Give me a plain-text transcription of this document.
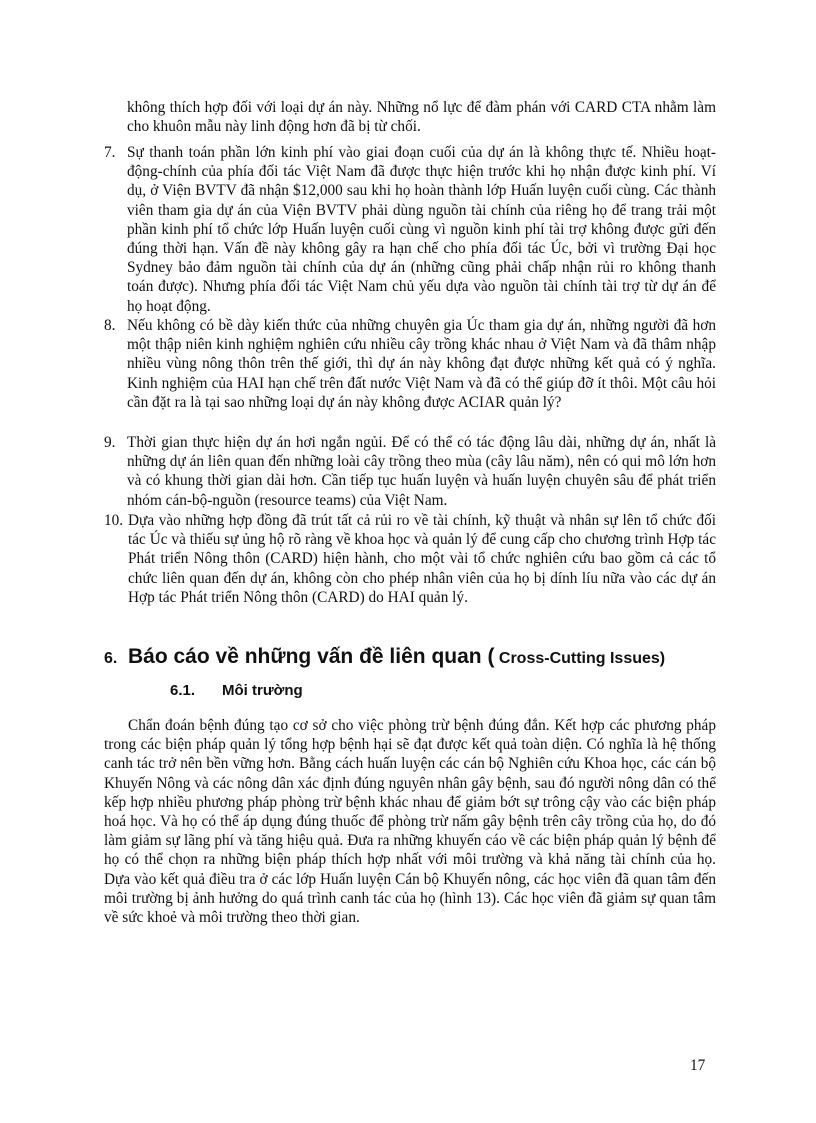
không thích hợp đối với loại dự án này. Những nổ lực để đàm phán với CARD CTA nhằm làm cho khuôn mẫu này linh động hơn đã bị từ chối.

7. Sự thanh toán phần lớn kinh phí vào giai đoạn cuối của dự án là không thực tế. Nhiều hoạt-động-chính của phía đối tác Việt Nam đã được thực hiện trước khi họ nhận được kinh phí. Ví dụ, ở Viện BVTV đã nhận $12,000 sau khi họ hoàn thành lớp Huấn luyện cuối cùng. Các thành viên tham gia dự án của Viện BVTV phải dùng nguồn tài chính của riêng họ để trang trải một phần kinh phí tổ chức lớp Huấn luyện cuối cùng vì nguồn kinh phí tài trợ không được gửi đến đúng thời hạn. Vấn đề này không gây ra hạn chế cho phía đối tác Úc, bởi vì trường Đại học Sydney bảo đảm nguồn tài chính của dự án (những cũng phải chấp nhận rủi ro không thanh toán được). Nhưng phía đối tác Việt Nam chủ yếu dựa vào nguồn tài chính tài trợ từ dự án để họ hoạt động.

8. Nếu không có bề dày kiến thức của những chuyên gia Úc tham gia dự án, những người đã hơn một thập niên kinh nghiệm nghiên cứu nhiều cây trồng khác nhau ở Việt Nam và đã thâm nhập nhiều vùng nông thôn trên thế giới, thì dự án này không đạt được những kết quả có ý nghĩa. Kinh nghiệm của HAI hạn chế trên đất nước Việt Nam và đã có thể giúp đỡ ít thôi. Một câu hỏi cần đặt ra là tại sao những loại dự án này không được ACIAR quản lý?

9. Thời gian thực hiện dự án hơi ngắn ngủi. Để có thể có tác động lâu dài, những dự án, nhất là những dự án liên quan đến những loài cây trồng theo mùa (cây lâu năm), nên có qui mô lớn hơn và có khung thời gian dài hơn. Cần tiếp tục huấn luyện và huấn luyện chuyên sâu để phát triển nhóm cán-bộ-nguồn (resource teams) của Việt Nam.

10. Dựa vào những hợp đồng đã trút tất cả rủi ro về tài chính, kỹ thuật và nhân sự lên tổ chức đối tác Úc và thiếu sự ủng hộ rõ ràng về khoa học và quản lý để cung cấp cho chương trình Hợp tác Phát triển Nông thôn (CARD) hiện hành, cho một vài tổ chức nghiên cứu bao gồm cả các tổ chức liên quan đến dự án, không còn cho phép nhân viên của họ bị dính líu nữa vào các dự án Hợp tác Phát triển Nông thôn (CARD) do HAI quản lý.

6. Báo cáo về những vấn đề liên quan ( Cross-Cutting Issues)
6.1. Môi trường

Chẩn đoán bệnh đúng tạo cơ sở cho việc phòng trừ bệnh đúng đắn. Kết hợp các phương pháp trong các biện pháp quản lý tổng hợp bệnh hại sẽ đạt được kết quả toàn diện. Có nghĩa là hệ thống canh tác trở nên bền vững hơn. Bằng cách huấn luyện các cán bộ Nghiên cứu Khoa học, các cán bộ Khuyến Nông và các nông dân xác định đúng nguyên nhân gây bệnh, sau đó người nông dân có thể kếp hợp nhiều phương pháp phòng trừ bệnh khác nhau để giảm bớt sự trông cậy vào các biện pháp hoá học. Và họ có thể áp dụng đúng thuốc để phòng trừ nấm gây bệnh trên cây trồng của họ, do đó làm giảm sự lãng phí và tăng hiệu quả. Đưa ra những khuyến cáo về các biện pháp quản lý bệnh để họ có thể chọn ra những biện pháp thích hợp nhất với môi trường và khả năng tài chính của họ. Dựa vào kết quả điều tra ở các lớp Huấn luyện Cán bộ Khuyến nông, các học viên đã quan tâm đến môi trường bị ảnh hưởng do quá trình canh tác của họ (hình 13). Các học viên đã giảm sự quan tâm về sức khoẻ và môi trường theo thời gian.

17
